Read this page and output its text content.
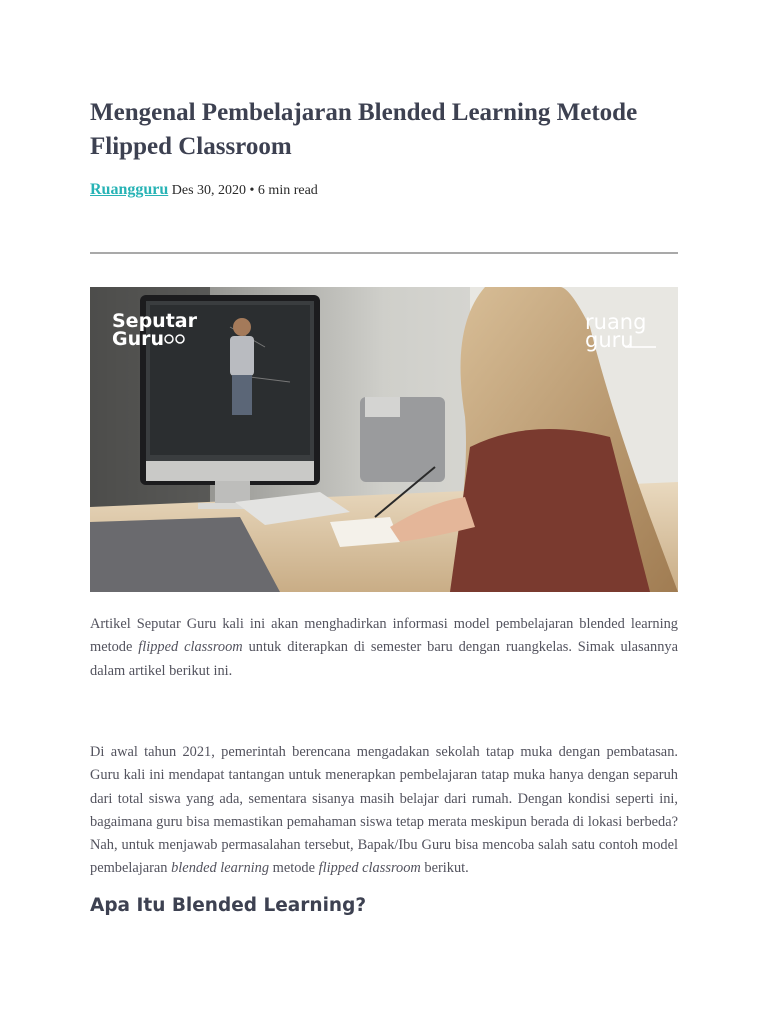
Mengenal Pembelajaran Blended Learning Metode Flipped Classroom
Ruangguru Des 30, 2020 • 6 min read
Seputar
Guru
ruang
guru

Artikel Seputar Guru kali ini akan menghadirkan informasi model pembelajaran blended learning metode flipped classroom untuk diterapkan di semester baru dengan ruangkelas. Simak ulasannya dalam artikel berikut ini.

Di awal tahun 2021, pemerintah berencana mengadakan sekolah tatap muka dengan pembatasan. Guru kali ini mendapat tantangan untuk menerapkan pembelajaran tatap muka hanya dengan separuh dari total siswa yang ada, sementara sisanya masih belajar dari rumah. Dengan kondisi seperti ini, bagaimana guru bisa memastikan pemahaman siswa tetap merata meskipun berada di lokasi berbeda? Nah, untuk menjawab permasalahan tersebut, Bapak/Ibu Guru bisa mencoba salah satu contoh model pembelajaran blended learning metode flipped classroom berikut.

Apa Itu Blended Learning?
